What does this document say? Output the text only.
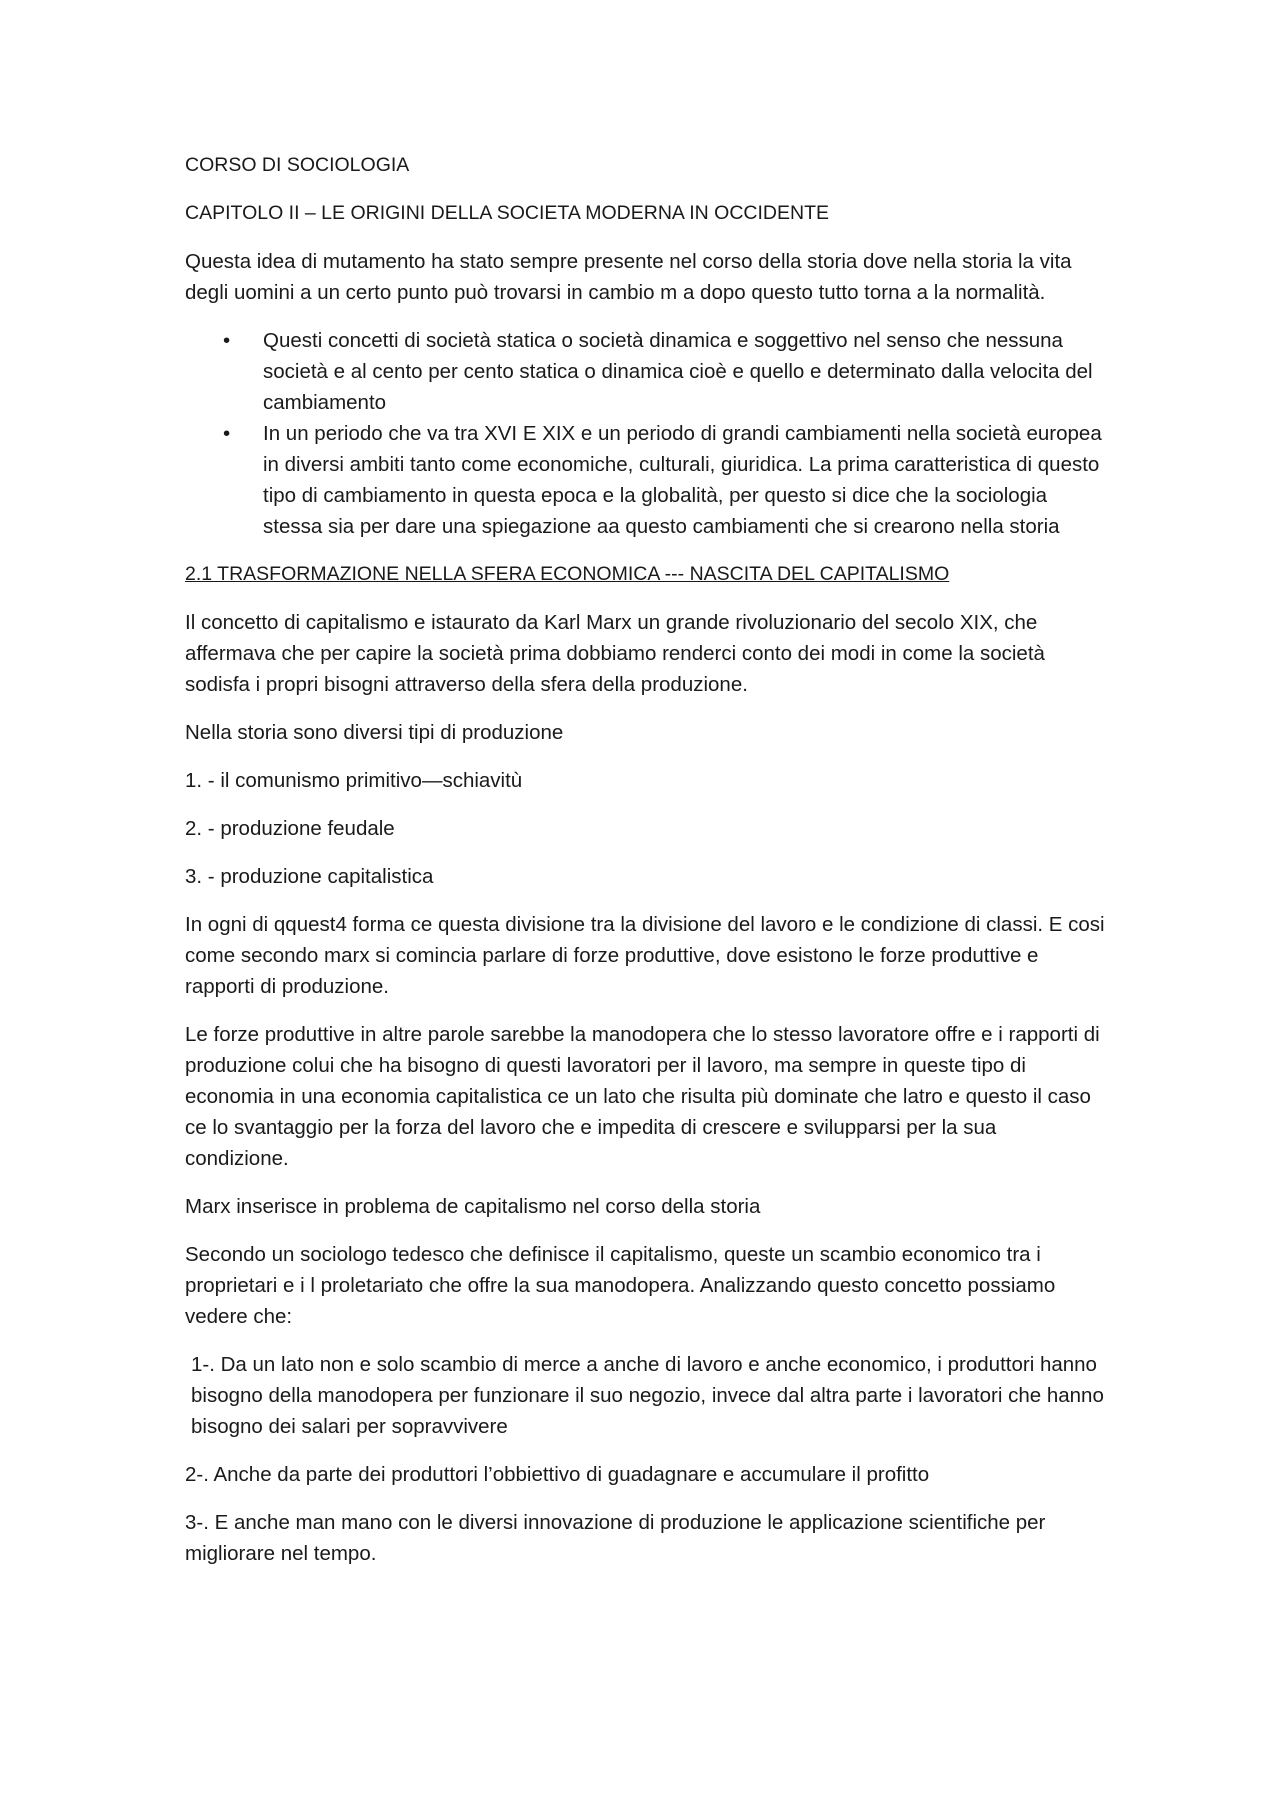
CORSO DI SOCIOLOGIA

CAPITOLO II – LE ORIGINI DELLA SOCIETA MODERNA IN OCCIDENTE

Questa idea di mutamento ha stato sempre presente nel corso della storia dove nella storia la vita degli uomini a un certo punto può trovarsi in cambio m a dopo questo tutto torna a la normalità.

• Questi concetti di società statica o società dinamica e soggettivo nel senso che nessuna società e al cento per cento statica o dinamica cioè e quello e determinato dalla velocita del cambiamento
• In un periodo che va tra XVI E XIX e un periodo di grandi cambiamenti nella società europea in diversi ambiti tanto come economiche, culturali, giuridica. La prima caratteristica di questo tipo di cambiamento in questa epoca e la globalità, per questo si dice che la sociologia stessa sia per dare una spiegazione aa questo cambiamenti che si crearono nella storia

2.1 TRASFORMAZIONE NELLA SFERA ECONOMICA --- NASCITA DEL CAPITALISMO

Il concetto di capitalismo e istaurato da Karl Marx un grande rivoluzionario del secolo XIX, che affermava che per capire la società prima dobbiamo renderci conto dei modi in come la società sodisfa i propri bisogni attraverso della sfera della produzione.

Nella storia sono diversi tipi di produzione

1. - il comunismo primitivo—schiavitù

2. - produzione feudale

3. - produzione capitalistica

In ogni di qquest4 forma ce questa divisione tra la divisione del lavoro e le condizione di classi. E cosi come secondo marx si comincia parlare di forze produttive, dove esistono le forze produttive e rapporti di produzione.

Le forze produttive in altre parole sarebbe la manodopera che lo stesso lavoratore offre e i rapporti di produzione colui che ha bisogno di questi lavoratori per il lavoro, ma sempre in queste tipo di economia in una economia capitalistica ce un lato che risulta più dominate che latro e questo il caso ce lo svantaggio per la forza del lavoro che e impedita di crescere e svilupparsi per la sua condizione.

Marx inserisce in problema de capitalismo nel corso della storia

Secondo un sociologo tedesco che definisce il capitalismo, queste un scambio economico tra i proprietari e i l proletariato che offre la sua manodopera. Analizzando questo concetto possiamo vedere che:

1-. Da un lato non e solo scambio di merce a anche di lavoro e anche economico, i produttori hanno bisogno della manodopera per funzionare il suo negozio, invece dal altra parte i lavoratori che hanno bisogno dei salari per sopravvivere

2-. Anche da parte dei produttori l’obbiettivo di guadagnare e accumulare il profitto

3-. E anche man mano con le diversi innovazione di produzione le applicazione scientifiche per migliorare nel tempo.
